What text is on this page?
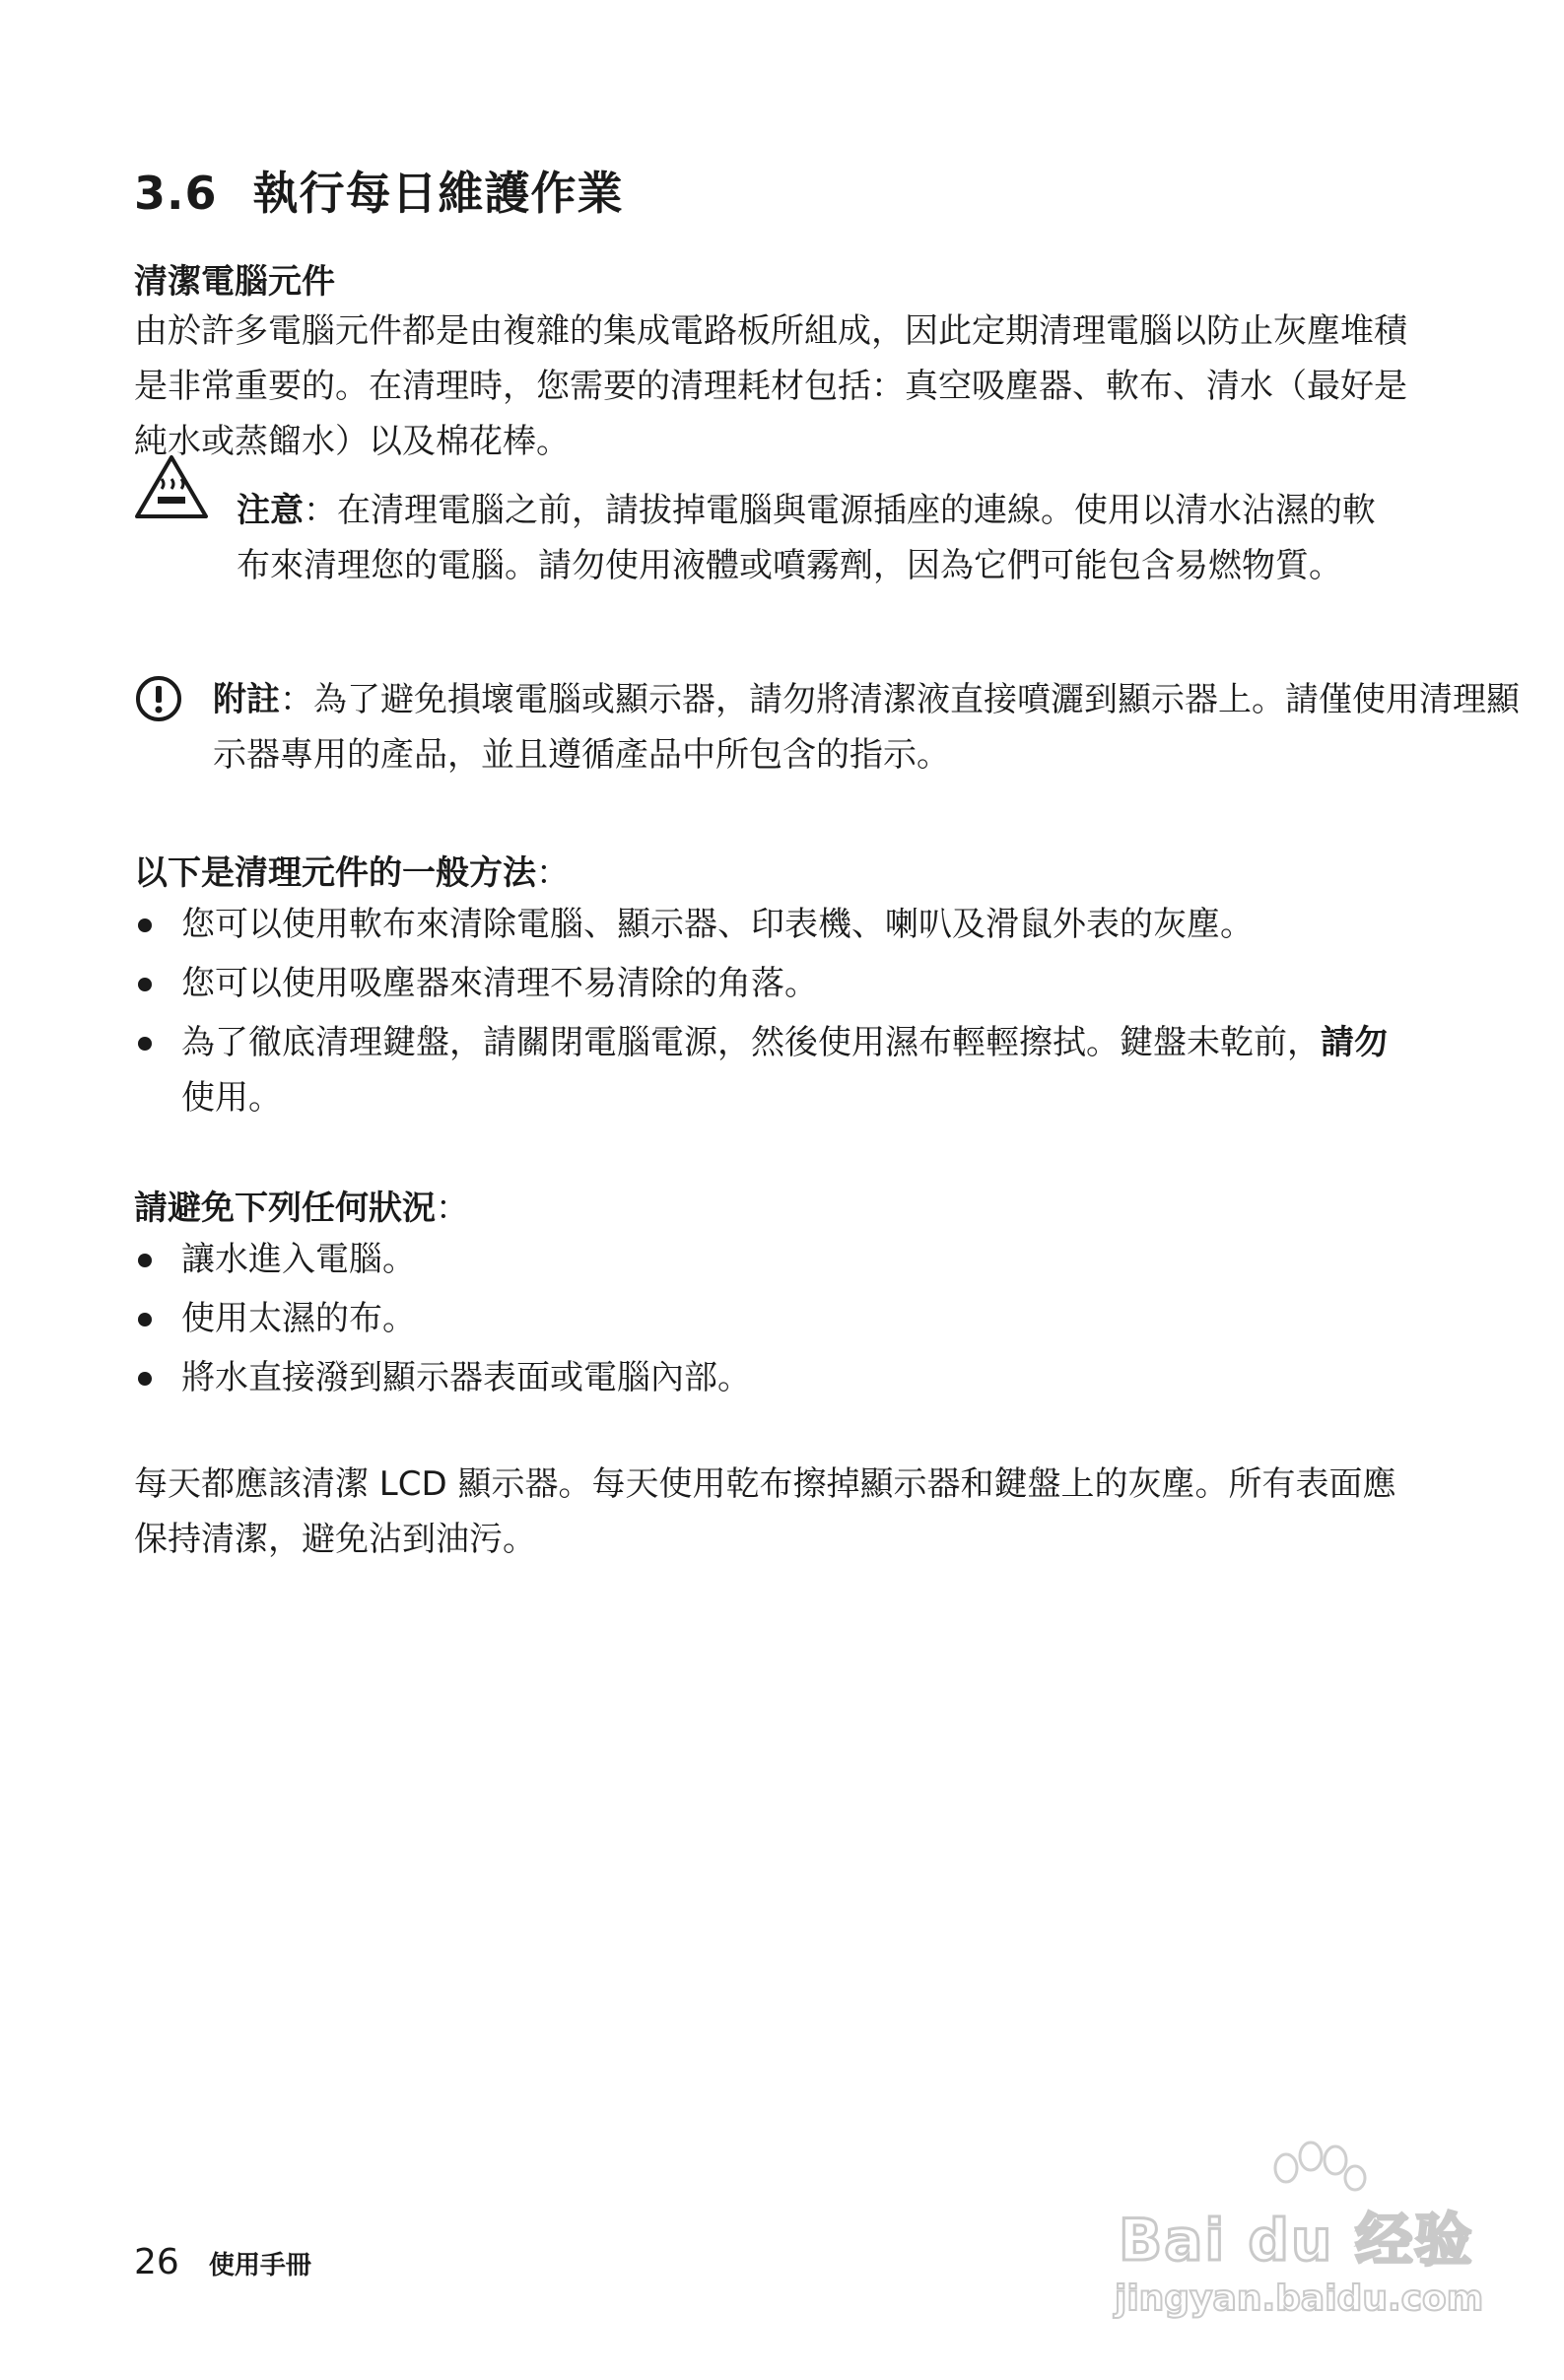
3.6 執行每日維護作業
清潔電腦元件

由於許多電腦元件都是由複雜的集成電路板所組成，因此定期清理電腦以防止灰塵堆積是非常重要的。在清理時，您需要的清理耗材包括：真空吸塵器、軟布、清水（最好是純水或蒸餾水）以及棉花棒。

注意：在清理電腦之前，請拔掉電腦與電源插座的連線。使用以清水沾濕的軟布來清理您的電腦。請勿使用液體或噴霧劑，因為它們可能包含易燃物質。

附註：為了避免損壞電腦或顯示器，請勿將清潔液直接噴灑到顯示器上。請僅使用清理顯示器專用的產品，並且遵循產品中所包含的指示。

以下是清理元件的一般方法：
您可以使用軟布來清除電腦、顯示器、印表機、喇叭及滑鼠外表的灰塵。
您可以使用吸塵器來清理不易清除的角落。
為了徹底清理鍵盤，請關閉電腦電源，然後使用濕布輕輕擦拭。鍵盤未乾前，請勿使用。
請避免下列任何狀況：
讓水進入電腦。
使用太濕的布。
將水直接潑到顯示器表面或電腦內部。

每天都應該清潔 LCD 顯示器。每天使用乾布擦掉顯示器和鍵盤上的灰塵。所有表面應保持清潔，避免沾到油污。

26 使用手冊	Bai du 经验
jingyan.baidu.com
